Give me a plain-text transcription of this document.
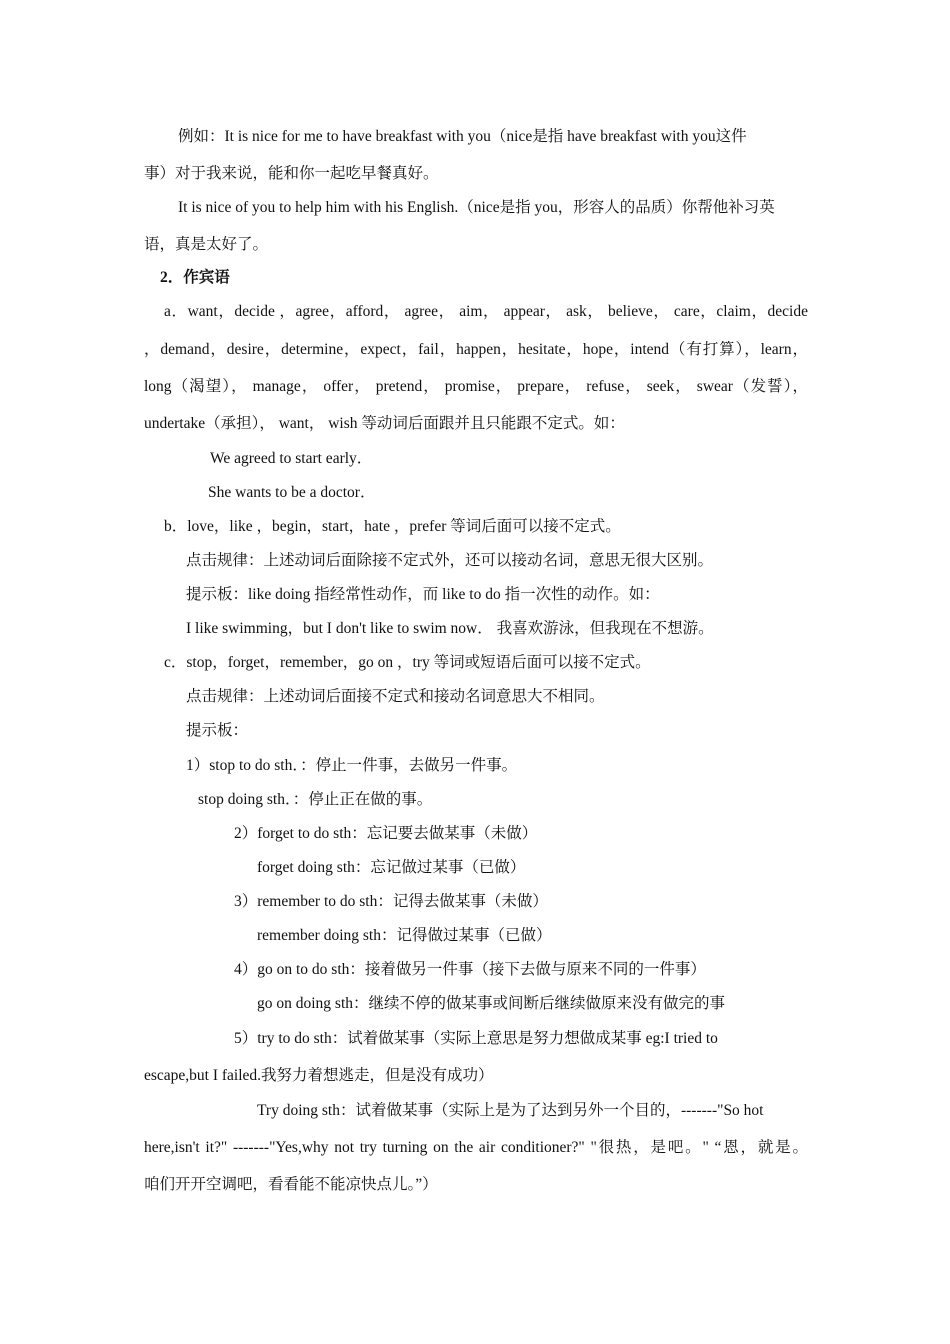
例如：It is nice for me to have breakfast with you（nice是指 have breakfast with you这件
事）对于我来说，能和你一起吃早餐真好。
It is nice of you to help him with his English.（nice是指 you，形容人的品质）你帮他补习英
语，真是太好了。
2．作宾语
a．want，decide ，agree，afford， agree， aim， appear， ask， believe， care，claim，decide
，demand，desire，determine，expect，fail，happen，hesitate，hope，intend（有打算），learn，
long（渴望）， manage， offer， pretend， promise， prepare， refuse， seek， swear（发誓），
undertake（承担）， want， wish 等动词后面跟并且只能跟不定式。如：
We agreed to start early．
She wants to be a doctor．
b．love，like ，begin，start，hate ，prefer 等词后面可以接不定式。
点击规律：上述动词后面除接不定式外，还可以接动名词，意思无很大区别。
提示板：like doing 指经常性动作，而 like to do 指一次性的动作。如：
I like swimming，but I don't like to swim now． 我喜欢游泳，但我现在不想游。
c．stop，forget，remember，go on ，try 等词或短语后面可以接不定式。
点击规律：上述动词后面接不定式和接动名词意思大不相同。
提示板：
1）stop to do sth．：停止一件事，去做另一件事。
stop doing sth．：停止正在做的事。
2）forget to do sth：忘记要去做某事（未做）
forget doing sth：忘记做过某事（已做）
3）remember to do sth：记得去做某事（未做）
remember doing sth：记得做过某事（已做）
4）go on to do sth：接着做另一件事（接下去做与原来不同的一件事）
go on doing sth：继续不停的做某事或间断后继续做原来没有做完的事
5）try to do sth：试着做某事（实际上意思是努力想做成某事 eg:I tried to
escape,but I failed.我努力着想逃走，但是没有成功）
Try doing sth：试着做某事（实际上是为了达到另外一个目的，-------"So hot
here,isn't it?" -------"Yes,why not try turning on the air conditioner?" "很热，是吧。" “恩，就是。
咱们开开空调吧，看看能不能凉快点儿。”）
